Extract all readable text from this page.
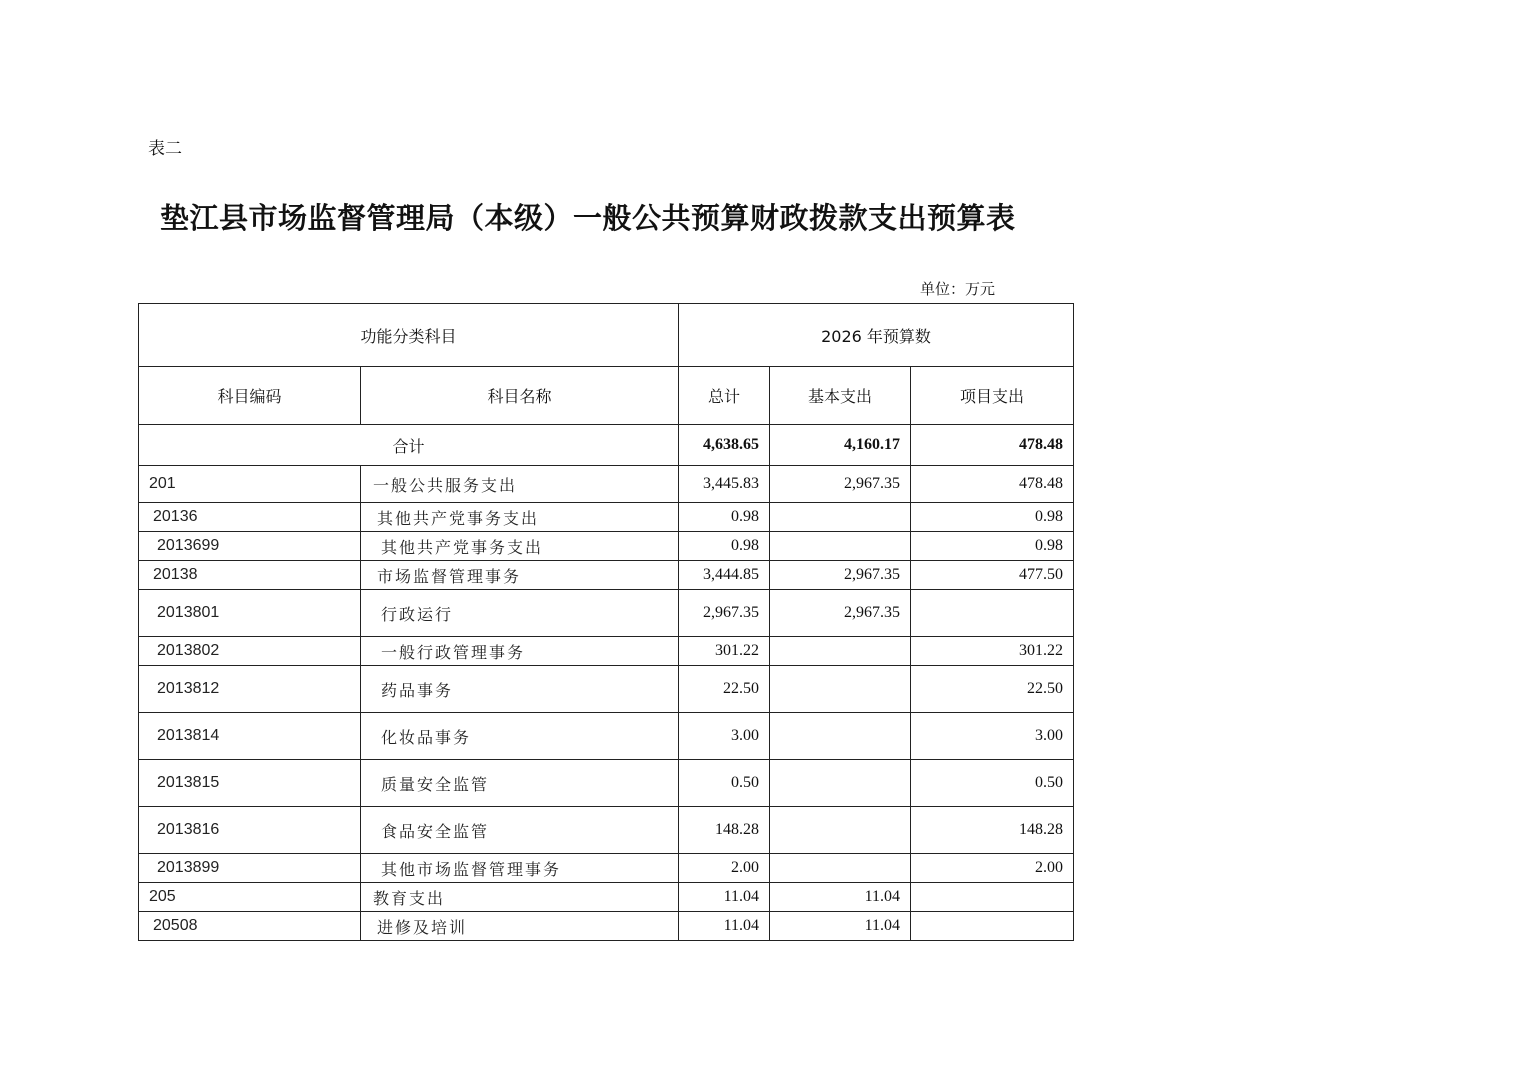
表二
垫江县市场监督管理局（本级）一般公共预算财政拨款支出预算表
单位：万元
功能分类科目		2026 年预算数		
科目编码	科目名称	总计	基本支出	项目支出
合计		4,638.65	4,160.17	478.48
201	一般公共服务支出	3,445.83	2,967.35	478.48
20136	其他共产党事务支出	0.98		0.98
2013699	其他共产党事务支出	0.98		0.98
20138	市场监督管理事务	3,444.85	2,967.35	477.50
2013801	行政运行	2,967.35	2,967.35	
2013802	一般行政管理事务	301.22		301.22
2013812	药品事务	22.50		22.50
2013814	化妆品事务	3.00		3.00
2013815	质量安全监管	0.50		0.50
2013816	食品安全监管	148.28		148.28
2013899	其他市场监督管理事务	2.00		2.00
205	教育支出	11.04	11.04	
20508	进修及培训	11.04	11.04	
